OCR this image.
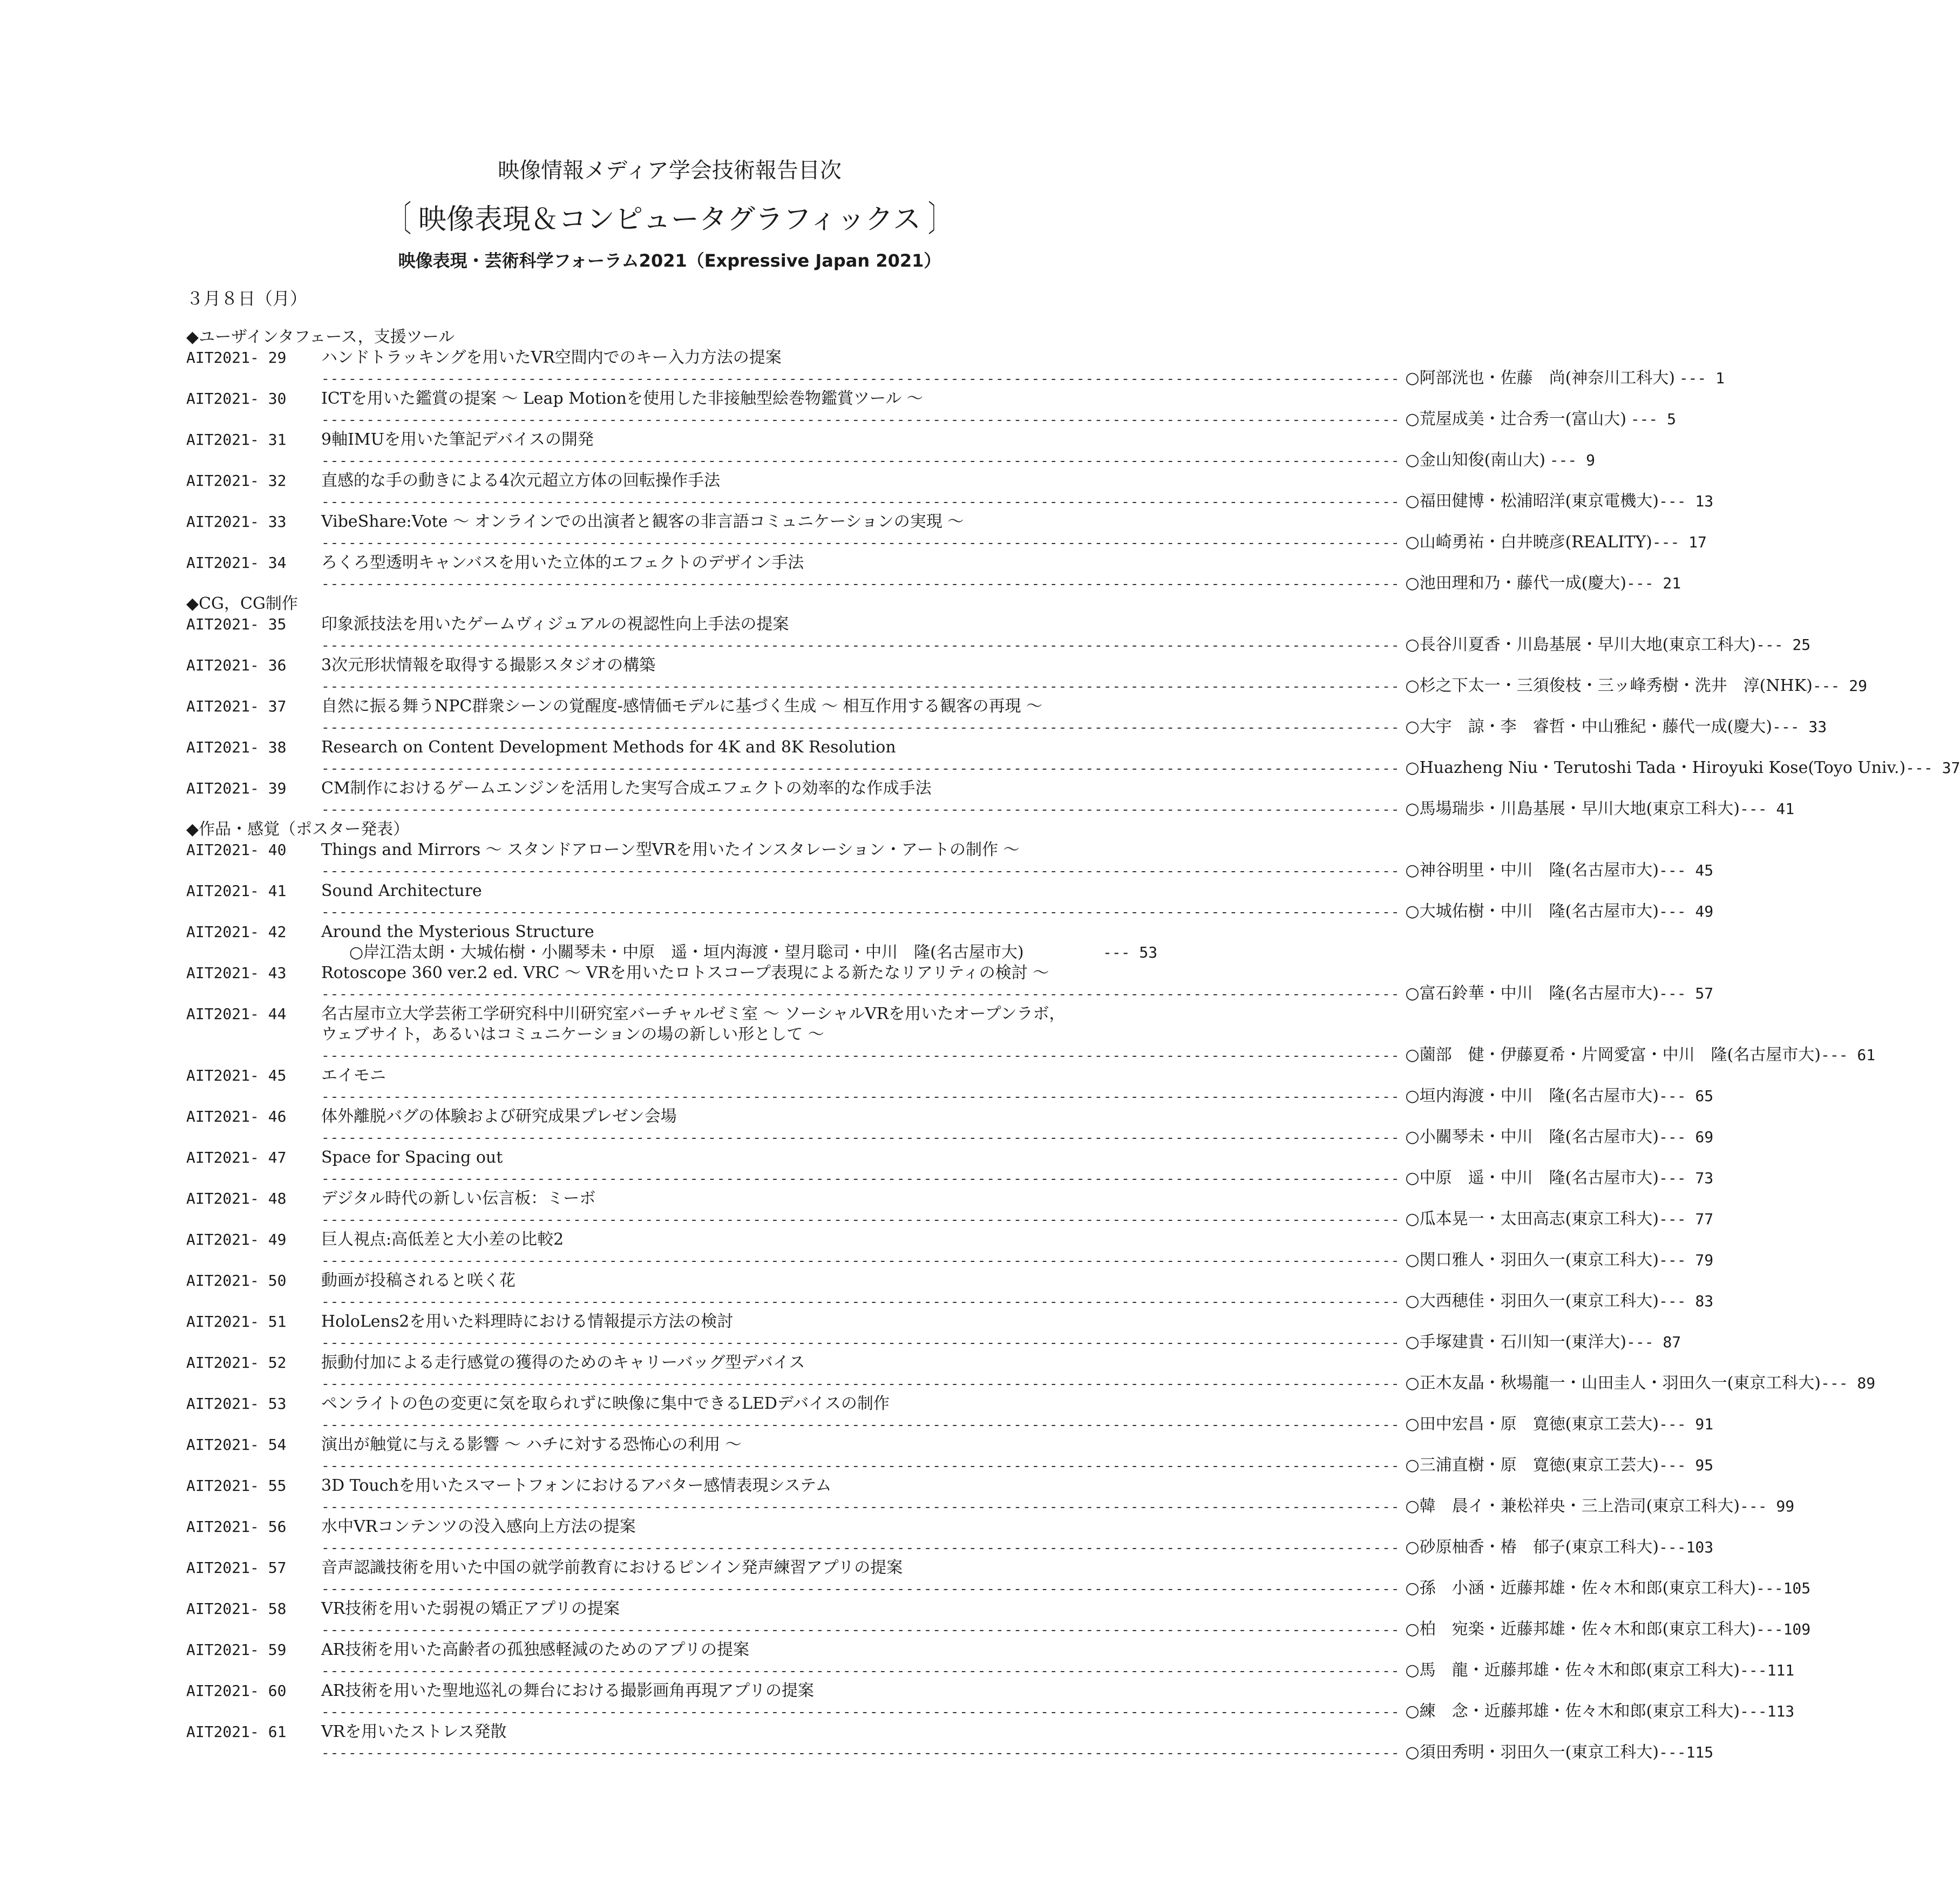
映像情報メディア学会技術報告目次
〔 映像表現＆コンピュータグラフィックス 〕
映像表現・芸術科学フォーラム2021（Expressive Japan 2021）
３月８日（月）
◆ユーザインタフェース，支援ツール
AIT2021- 29	ハンドトラッキングを用いたVR空間内でのキー入力方法の提案
------------------------------------------------------------------------------------------------------------------------ ○阿部洸也・佐藤　尚(神奈川工科大) --- 1
AIT2021- 30	ICTを用いた鑑賞の提案 ～ Leap Motionを使用した非接触型絵巻物鑑賞ツール ～
------------------------------------------------------------------------------------------------------------------------ ○荒屋成美・辻合秀一(富山大) --- 5
AIT2021- 31	9軸IMUを用いた筆記デバイスの開発
------------------------------------------------------------------------------------------------------------------------ ○金山知俊(南山大) --- 9
AIT2021- 32	直感的な手の動きによる4次元超立方体の回転操作手法
------------------------------------------------------------------------------------------------------------------------ ○福田健博・松浦昭洋(東京電機大) --- 13
AIT2021- 33	VibeShare:Vote ～ オンラインでの出演者と観客の非言語コミュニケーションの実現 ～
------------------------------------------------------------------------------------------------------------------------ ○山崎勇祐・白井暁彦(REALITY) --- 17
AIT2021- 34	ろくろ型透明キャンバスを用いた立体的エフェクトのデザイン手法
------------------------------------------------------------------------------------------------------------------------ ○池田理和乃・藤代一成(慶大) --- 21
◆CG，CG制作
AIT2021- 35	印象派技法を用いたゲームヴィジュアルの視認性向上手法の提案
------------------------------------------------------------------------------------------------------------------------ ○長谷川夏香・川島基展・早川大地(東京工科大) --- 25
AIT2021- 36	3次元形状情報を取得する撮影スタジオの構築
------------------------------------------------------------------------------------------------------------------------ ○杉之下太一・三須俊枝・三ッ峰秀樹・洗井　淳(NHK) --- 29
AIT2021- 37	自然に振る舞うNPC群衆シーンの覚醒度-感情価モデルに基づく生成 ～ 相互作用する観客の再現 ～
------------------------------------------------------------------------------------------------------------------------ ○大宇　諒・李　睿哲・中山雅紀・藤代一成(慶大) --- 33
AIT2021- 38	Research on Content Development Methods for 4K and 8K Resolution
------------------------------------------------------------------------------------------------------------------------ ○Huazheng Niu・Terutoshi Tada・Hiroyuki Kose(Toyo Univ.) --- 37
AIT2021- 39	CM制作におけるゲームエンジンを活用した実写合成エフェクトの効率的な作成手法
------------------------------------------------------------------------------------------------------------------------ ○馬場瑞歩・川島基展・早川大地(東京工科大) --- 41
◆作品・感覚（ポスター発表）
AIT2021- 40	Things and Mirrors ～ スタンドアローン型VRを用いたインスタレーション・アートの制作 ～
------------------------------------------------------------------------------------------------------------------------ ○神谷明里・中川　隆(名古屋市大) --- 45
AIT2021- 41	Sound Architecture
------------------------------------------------------------------------------------------------------------------------ ○大城佑樹・中川　隆(名古屋市大) --- 49
AIT2021- 42	Around the Mysterious Structure
○岸江浩太朗・大城佑樹・小關琴未・中原　遥・垣内海渡・望月聡司・中川　隆(名古屋市大)	--- 53
AIT2021- 43	Rotoscope 360 ver.2 ed. VRC ～ VRを用いたロトスコープ表現による新たなリアリティの検討 ～
------------------------------------------------------------------------------------------------------------------------ ○富石鈴華・中川　隆(名古屋市大) --- 57
AIT2021- 44	名古屋市立大学芸術工学研究科中川研究室バーチャルゼミ室 ～ ソーシャルVRを用いたオープンラボ，
ウェブサイト，あるいはコミュニケーションの場の新しい形として ～
------------------------------------------------------------------------------------------------------------------------ ○薗部　健・伊藤夏希・片岡愛富・中川　隆(名古屋市大) --- 61
AIT2021- 45	エイモニ
------------------------------------------------------------------------------------------------------------------------ ○垣内海渡・中川　隆(名古屋市大) --- 65
AIT2021- 46	体外離脱バグの体験および研究成果プレゼン会場
------------------------------------------------------------------------------------------------------------------------ ○小關琴未・中川　隆(名古屋市大) --- 69
AIT2021- 47	Space for Spacing out
------------------------------------------------------------------------------------------------------------------------ ○中原　遥・中川　隆(名古屋市大) --- 73
AIT2021- 48	デジタル時代の新しい伝言板：ミーボ
------------------------------------------------------------------------------------------------------------------------ ○瓜本晃一・太田高志(東京工科大) --- 77
AIT2021- 49	巨人視点:高低差と大小差の比較2
------------------------------------------------------------------------------------------------------------------------ ○関口雅人・羽田久一(東京工科大) --- 79
AIT2021- 50	動画が投稿されると咲く花
------------------------------------------------------------------------------------------------------------------------ ○大西穂佳・羽田久一(東京工科大) --- 83
AIT2021- 51	HoloLens2を用いた料理時における情報提示方法の検討
------------------------------------------------------------------------------------------------------------------------ ○手塚建貴・石川知一(東洋大) --- 87
AIT2021- 52	振動付加による走行感覚の獲得のためのキャリーバッグ型デバイス
------------------------------------------------------------------------------------------------------------------------ ○正木友晶・秋場龍一・山田圭人・羽田久一(東京工科大) --- 89
AIT2021- 53	ペンライトの色の変更に気を取られずに映像に集中できるLEDデバイスの制作
------------------------------------------------------------------------------------------------------------------------ ○田中宏昌・原　寛徳(東京工芸大) --- 91
AIT2021- 54	演出が触覚に与える影響 ～ ハチに対する恐怖心の利用 ～
------------------------------------------------------------------------------------------------------------------------ ○三浦直樹・原　寛徳(東京工芸大) --- 95
AIT2021- 55	3D Touchを用いたスマートフォンにおけるアバター感情表現システム
------------------------------------------------------------------------------------------------------------------------ ○韓　晨イ・兼松祥央・三上浩司(東京工科大) --- 99
AIT2021- 56	水中VRコンテンツの没入感向上方法の提案
------------------------------------------------------------------------------------------------------------------------ ○砂原柚香・椿　郁子(東京工科大) ---103
AIT2021- 57	音声認識技術を用いた中国の就学前教育におけるピンイン発声練習アプリの提案
------------------------------------------------------------------------------------------------------------------------ ○孫　小涵・近藤邦雄・佐々木和郎(東京工科大) ---105
AIT2021- 58	VR技術を用いた弱視の矯正アプリの提案
------------------------------------------------------------------------------------------------------------------------ ○柏　宛楽・近藤邦雄・佐々木和郎(東京工科大) ---109
AIT2021- 59	AR技術を用いた高齢者の孤独感軽減のためのアプリの提案
------------------------------------------------------------------------------------------------------------------------ ○馬　龍・近藤邦雄・佐々木和郎(東京工科大) ---111
AIT2021- 60	AR技術を用いた聖地巡礼の舞台における撮影画角再現アプリの提案
------------------------------------------------------------------------------------------------------------------------ ○練　念・近藤邦雄・佐々木和郎(東京工科大) ---113
AIT2021- 61	VRを用いたストレス発散
------------------------------------------------------------------------------------------------------------------------ ○須田秀明・羽田久一(東京工科大) ---115
